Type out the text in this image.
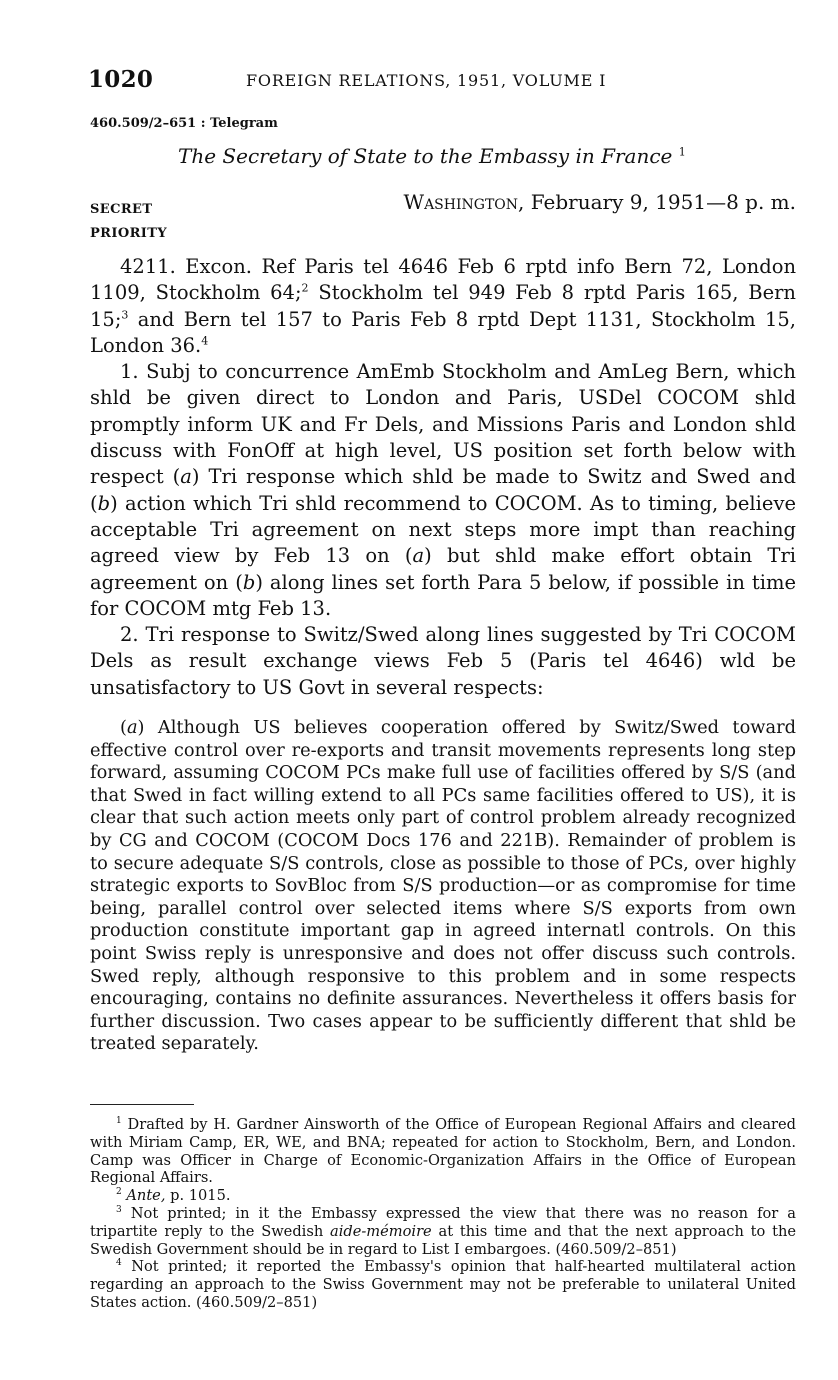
1020	FOREIGN RELATIONS, 1951, VOLUME I
460.509/2–651 : Telegram
The Secretary of State to the Embassy in France $^1$
SECRET
PRIORITY
Washington, February 9, 1951—8 p. m.

4211. Excon. Ref Paris tel 4646 Feb 6 rptd info Bern 72, London 1109, Stockholm 64;$^2$ Stockholm tel 949 Feb 8 rptd Paris 165, Bern 15;$^3$ and Bern tel 157 to Paris Feb 8 rptd Dept 1131, Stockholm 15, London 36.$^4$

1. Subj to concurrence AmEmb Stockholm and AmLeg Bern, which shld be given direct to London and Paris, USDel COCOM shld promptly inform UK and Fr Dels, and Missions Paris and London shld discuss with FonOff at high level, US position set forth below with respect (a) Tri response which shld be made to Switz and Swed and (b) action which Tri shld recommend to COCOM. As to timing, believe acceptable Tri agreement on next steps more impt than reaching agreed view by Feb 13 on (a) but shld make effort obtain Tri agreement on (b) along lines set forth Para 5 below, if possible in time for COCOM mtg Feb 13.

2. Tri response to Switz/Swed along lines suggested by Tri COCOM Dels as result exchange views Feb 5 (Paris tel 4646) wld be unsatisfactory to US Govt in several respects:

(a) Although US believes cooperation offered by Switz/Swed toward effective control over re-exports and transit movements represents long step forward, assuming COCOM PCs make full use of facilities offered by S/S (and that Swed in fact willing extend to all PCs same facilities offered to US), it is clear that such action meets only part of control problem already recognized by CG and COCOM (COCOM Docs 176 and 221B). Remainder of problem is to secure adequate S/S controls, close as possible to those of PCs, over highly strategic exports to SovBloc from S/S production—or as compromise for time being, parallel control over selected items where S/S exports from own production constitute important gap in agreed internatl controls. On this point Swiss reply is unresponsive and does not offer discuss such controls. Swed reply, although responsive to this problem and in some respects encouraging, contains no definite assurances. Nevertheless it offers basis for further discussion. Two cases appear to be sufficiently different that shld be treated separately.

$^1$ Drafted by H. Gardner Ainsworth of the Office of European Regional Affairs and cleared with Miriam Camp, ER, WE, and BNA; repeated for action to Stockholm, Bern, and London. Camp was Officer in Charge of Economic-Organization Affairs in the Office of European Regional Affairs.

$^2$ Ante, p. 1015.

$^3$ Not printed; in it the Embassy expressed the view that there was no reason for a tripartite reply to the Swedish aide-mémoire at this time and that the next approach to the Swedish Government should be in regard to List I embargoes. (460.509/2–851)

$^4$ Not printed; it reported the Embassy's opinion that half-hearted multilateral action regarding an approach to the Swiss Government may not be preferable to unilateral United States action. (460.509/2–851)
